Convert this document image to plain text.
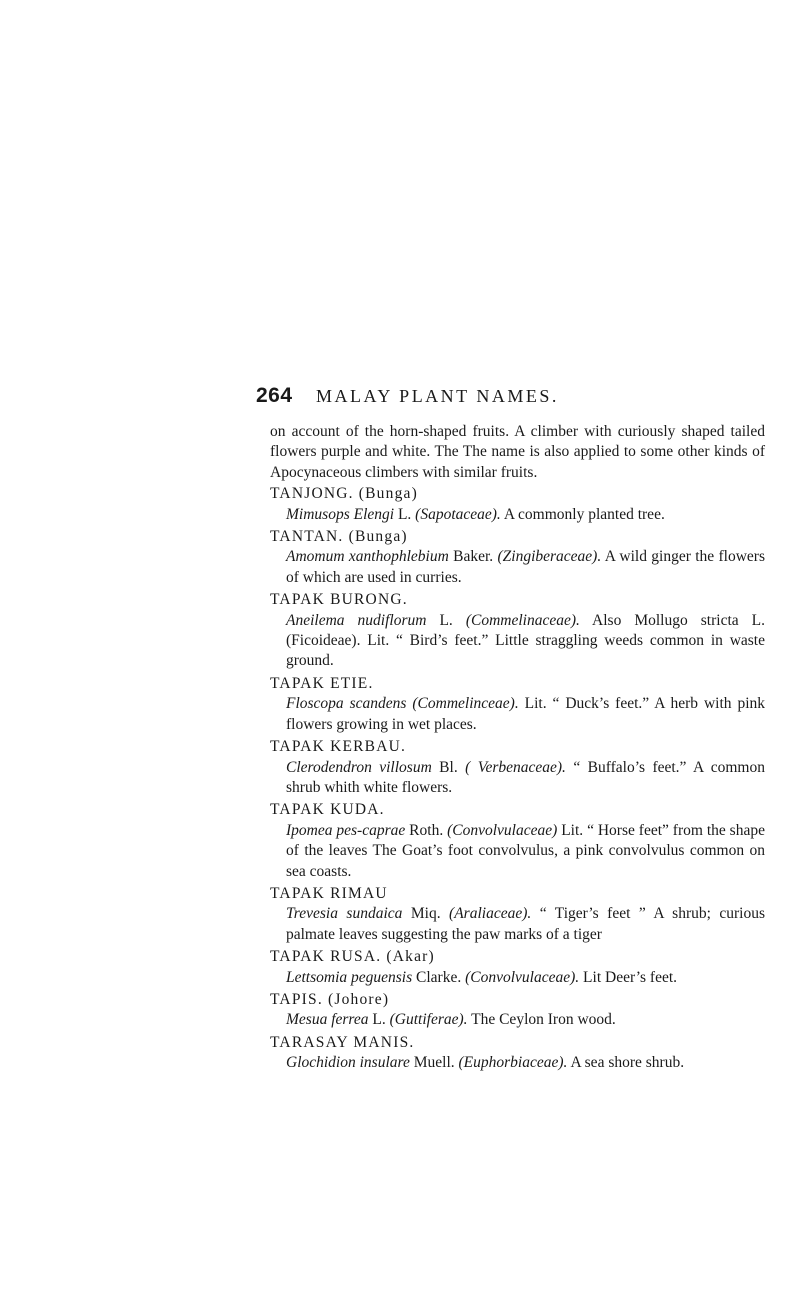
264 MALAY PLANT NAMES.

on account of the horn-shaped fruits. A climber with curiously shaped tailed flowers purple and white. The The name is also applied to some other kinds of Apocynaceous climbers with similar fruits.

TANJONG. (Bunga)
Mimusops Elengi L. (Sapotaceae). A commonly planted tree.
TANTAN. (Bunga)
Amomum xanthophlebium Baker. (Zingiberaceae). A wild ginger the flowers of which are used in curries.
TAPAK BURONG.
Aneilema nudiflorum L. (Commelinaceae). Also Mollugo stricta L. (Ficoideae). Lit. “ Bird’s feet.” Little straggling weeds common in waste ground.
TAPAK ETIE.
Floscopa scandens (Commelinceae). Lit. “ Duck’s feet.” A herb with pink flowers growing in wet places.
TAPAK KERBAU.
Clerodendron villosum Bl. ( Verbenaceae). “ Buffalo’s feet.” A common shrub whith white flowers.
TAPAK KUDA.
Ipomea pes-caprae Roth. (Convolvulaceae) Lit. “ Horse feet” from the shape of the leaves The Goat’s foot convolvulus, a pink convolvulus common on sea coasts.
TAPAK RIMAU
Trevesia sundaica Miq. (Araliaceae). “ Tiger’s feet ” A shrub; curious palmate leaves suggesting the paw marks of a tiger
TAPAK RUSA. (Akar)
Lettsomia peguensis Clarke. (Convolvulaceae). Lit Deer’s feet.
TAPIS. (Johore)
Mesua ferrea L. (Guttiferae). The Ceylon Iron wood.
TARASAY MANIS.
Glochidion insulare Muell. (Euphorbiaceae). A sea shore shrub.
